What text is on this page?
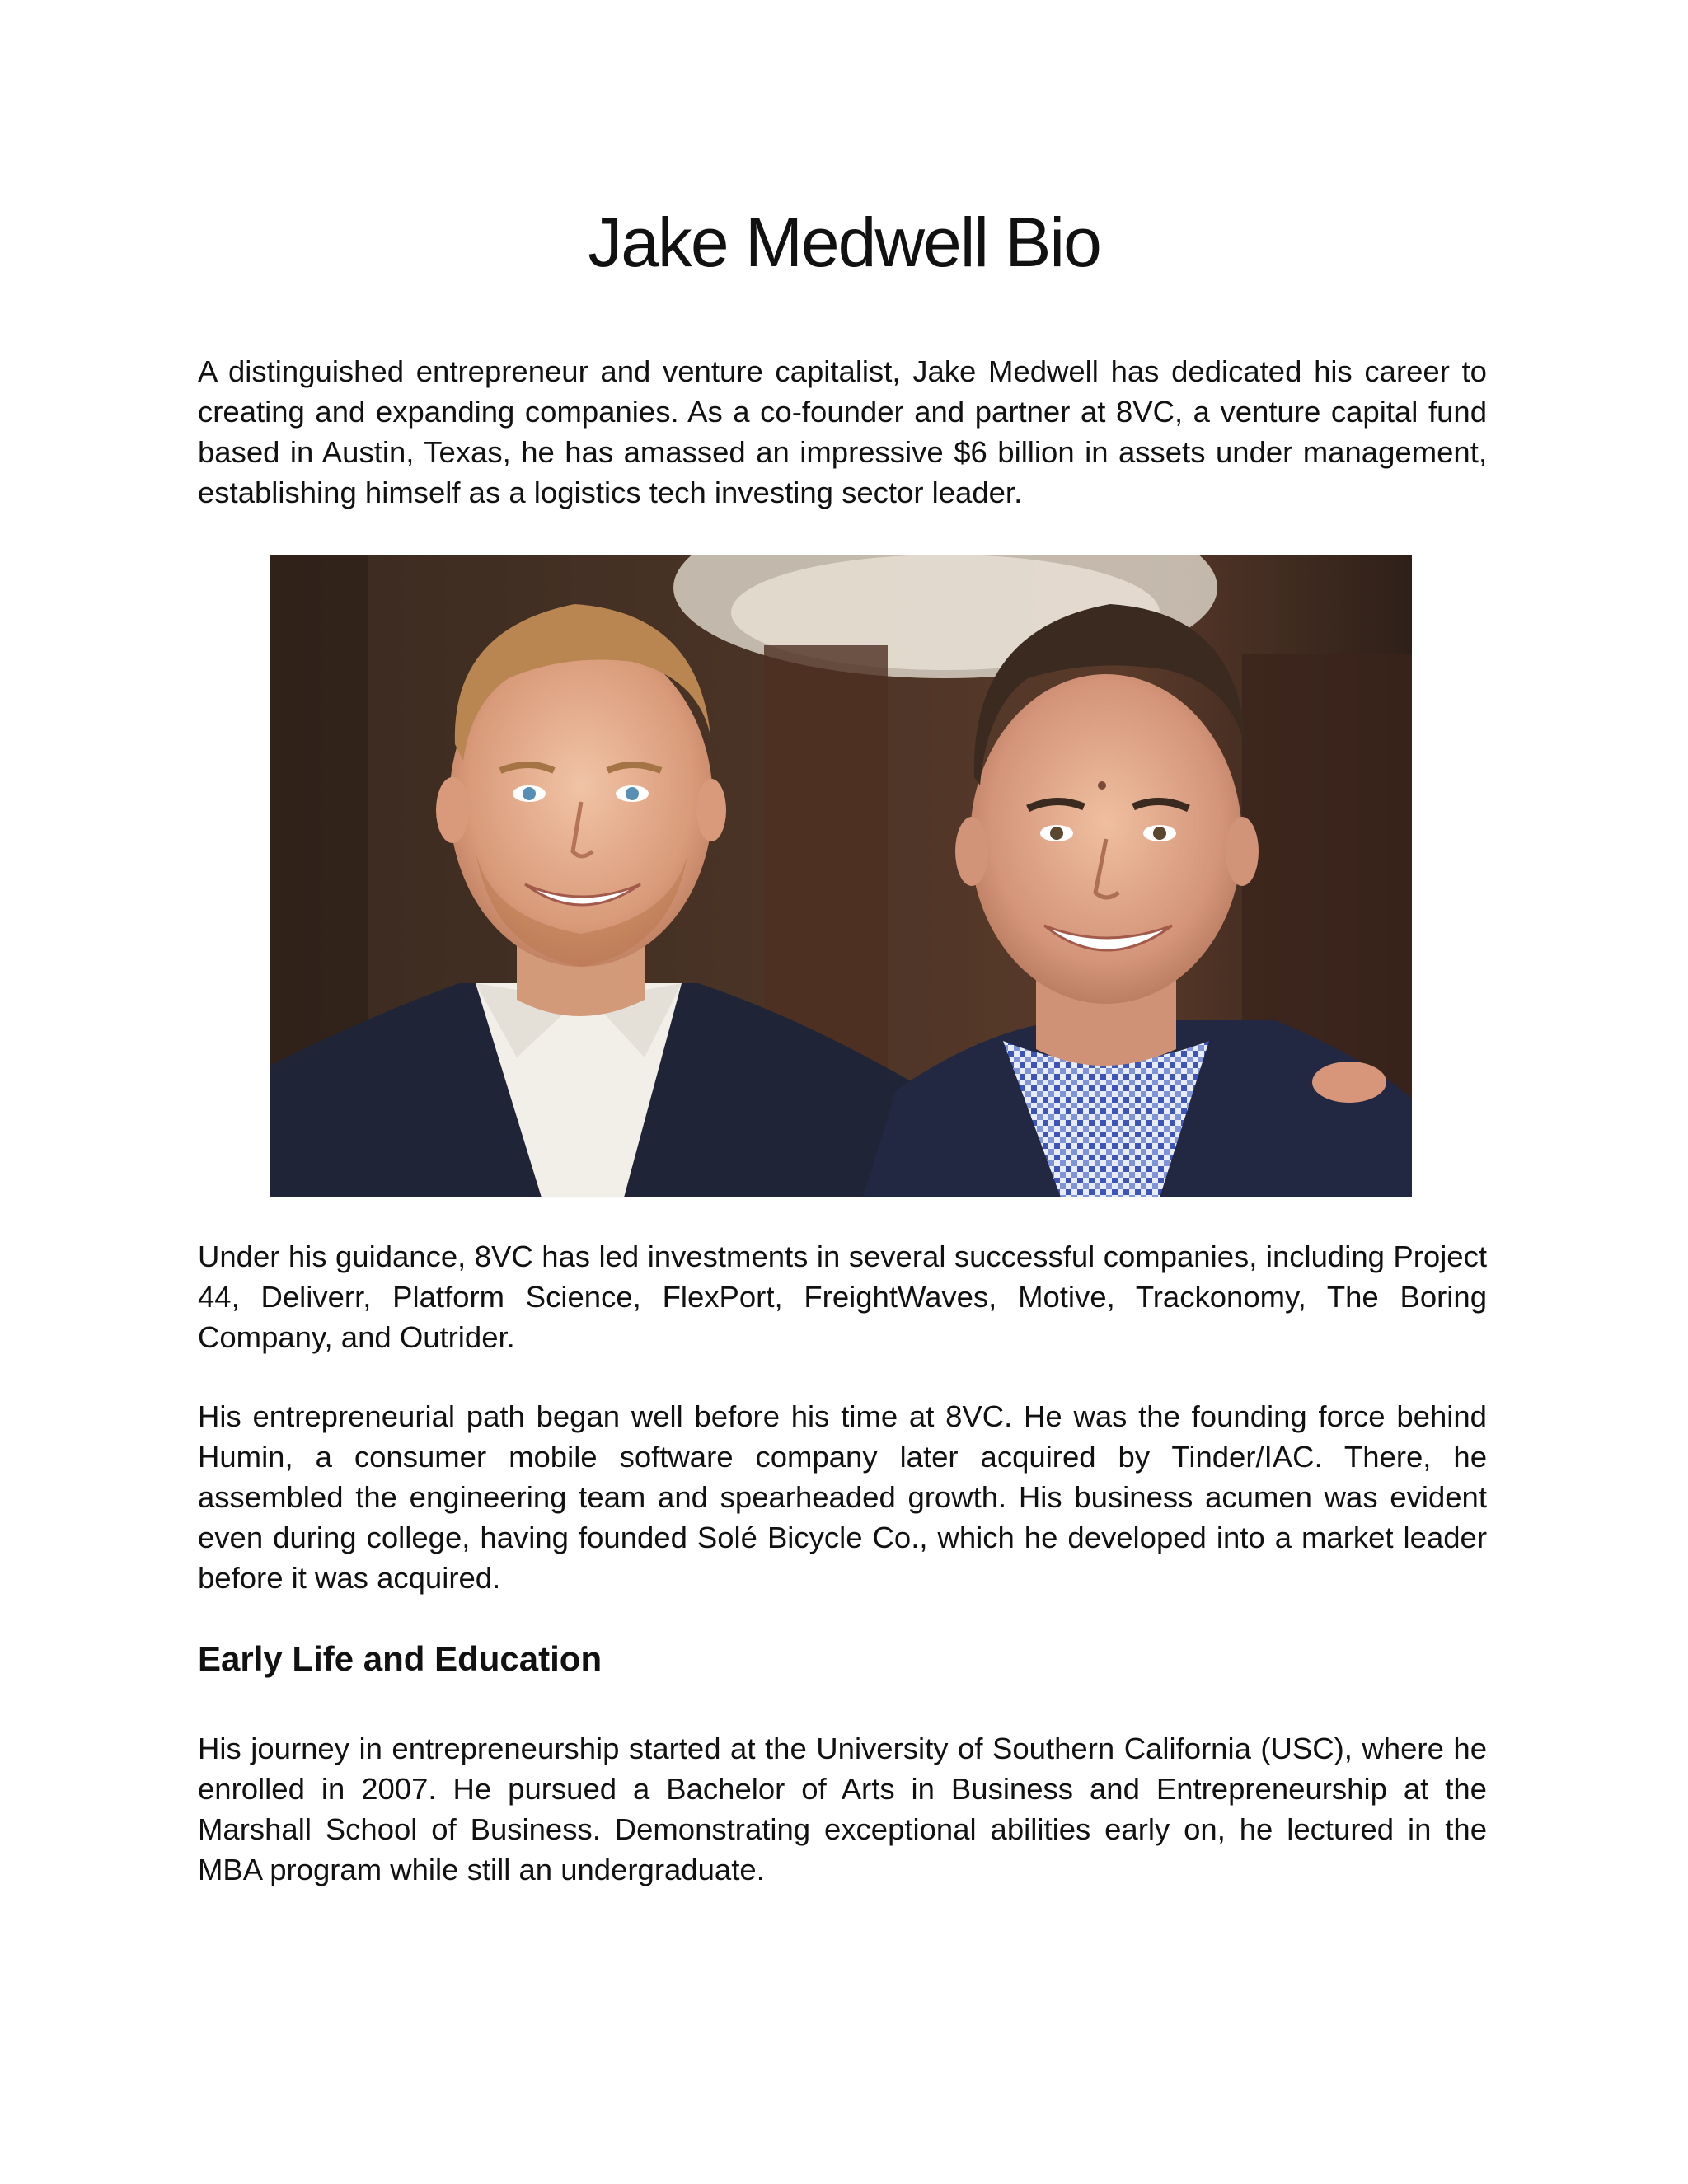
Jake Medwell Bio

A distinguished entrepreneur and venture capitalist, Jake Medwell has dedicated his career to creating and expanding companies. As a co-founder and partner at 8VC, a venture capital fund based in Austin, Texas, he has amassed an impressive $6 billion in assets under management, establishing himself as a logistics tech investing sector leader.

Under his guidance, 8VC has led investments in several successful companies, including Project 44, Deliverr, Platform Science, FlexPort, FreightWaves, Motive, Trackonomy, The Boring Company, and Outrider.

His entrepreneurial path began well before his time at 8VC. He was the founding force behind Humin, a consumer mobile software company later acquired by Tinder/IAC. There, he assembled the engineering team and spearheaded growth. His business acumen was evident even during college, having founded Solé Bicycle Co., which he developed into a market leader before it was acquired.

Early Life and Education

His journey in entrepreneurship started at the University of Southern California (USC), where he enrolled in 2007. He pursued a Bachelor of Arts in Business and Entrepreneurship at the Marshall School of Business. Demonstrating exceptional abilities early on, he lectured in the MBA program while still an undergraduate.
